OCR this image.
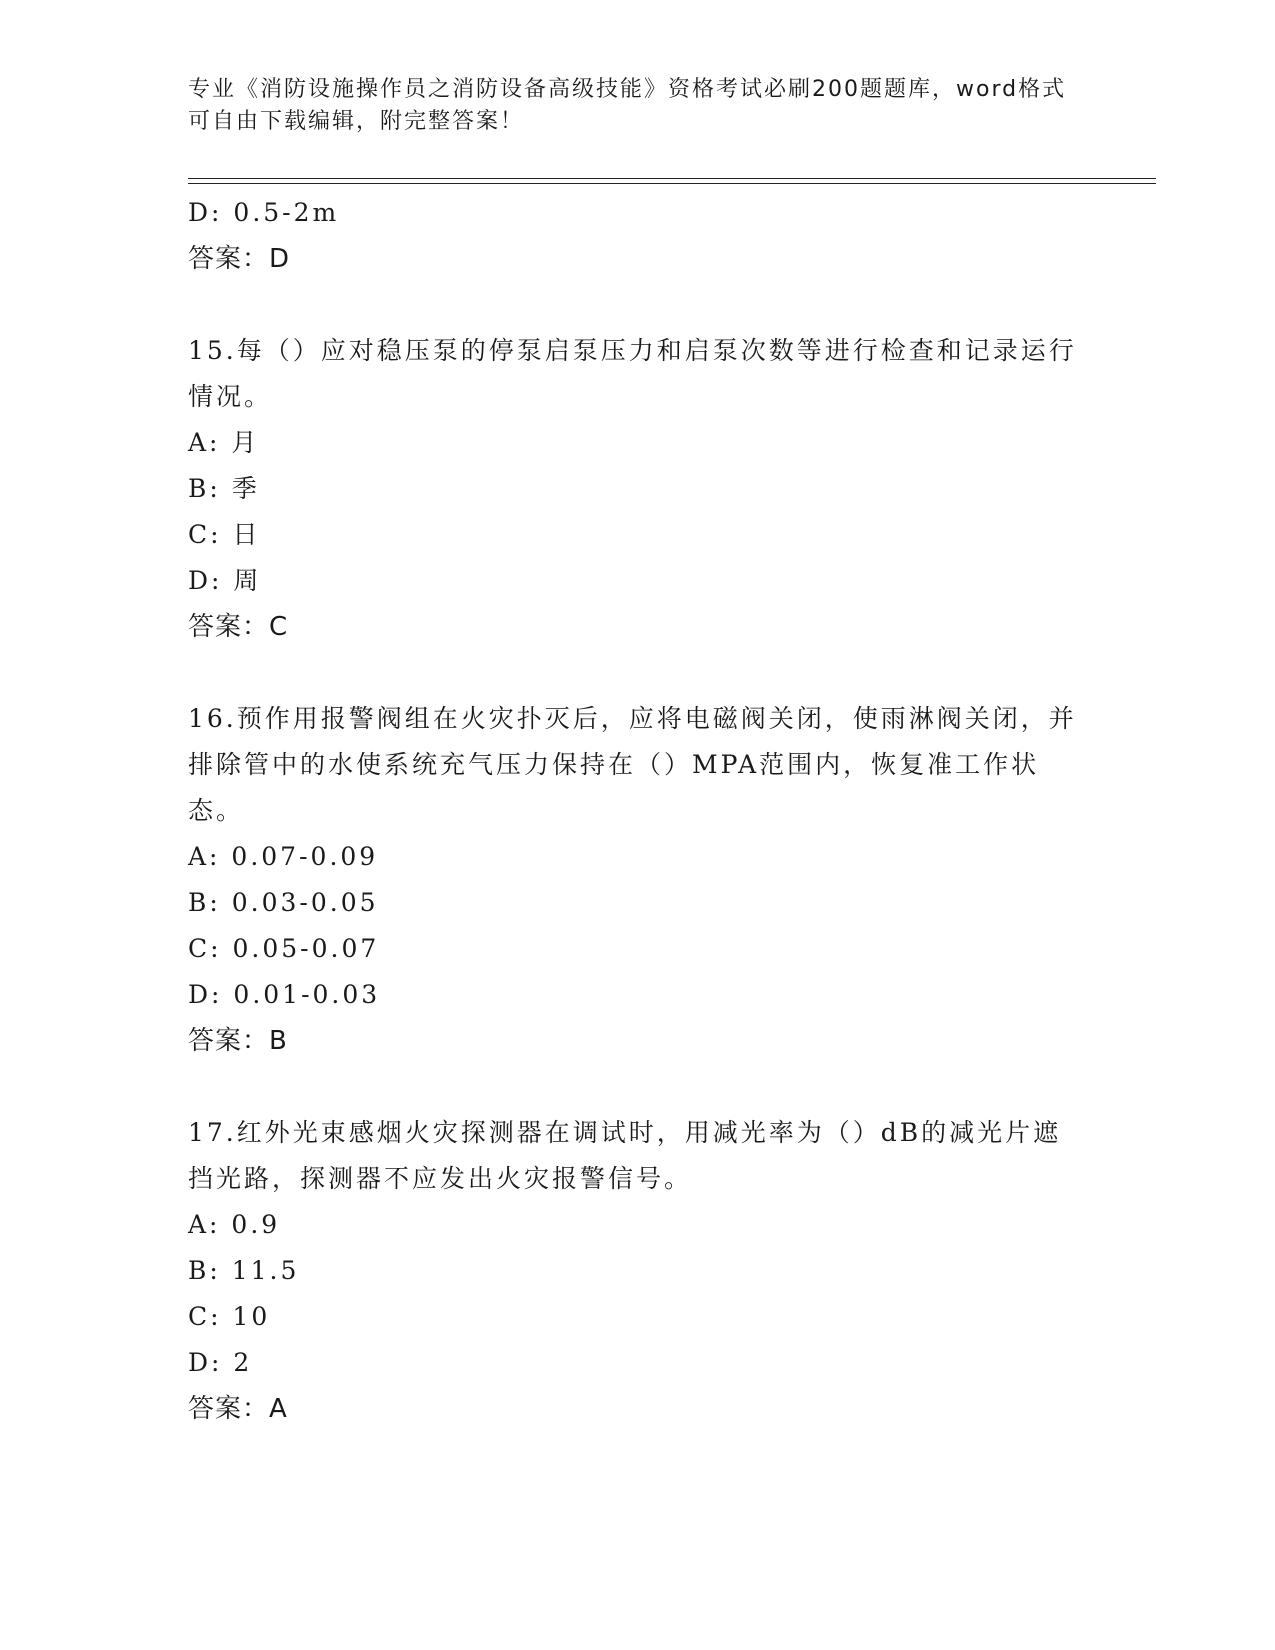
专业《消防设施操作员之消防设备高级技能》资格考试必刷200题题库，word格式可自由下载编辑，附完整答案！
D: 0.5-2m
答案：D
15.每（）应对稳压泵的停泵启泵压力和启泵次数等进行检查和记录运行情况。
A: 月
B: 季
C: 日
D: 周
答案：C
16.预作用报警阀组在火灾扑灭后，应将电磁阀关闭，使雨淋阀关闭，并排除管中的水使系统充气压力保持在（）MPA范围内，恢复准工作状态。
A: 0.07-0.09
B: 0.03-0.05
C: 0.05-0.07
D: 0.01-0.03
答案：B
17.红外光束感烟火灾探测器在调试时，用减光率为（）dB的减光片遮挡光路，探测器不应发出火灾报警信号。
A: 0.9
B: 11.5
C: 10
D: 2
答案：A
